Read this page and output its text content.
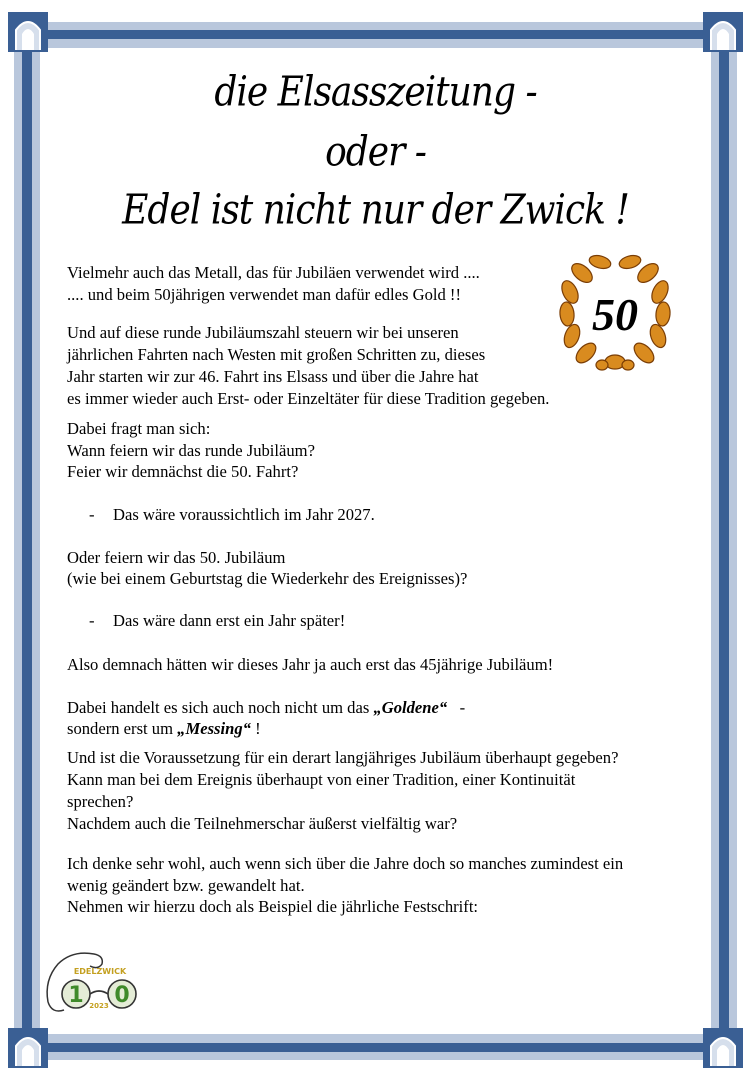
die Elsasszeitung -
oder -
Edel ist nicht nur der Zwick !
50
Vielmehr auch das Metall, das für Jubiläen verwendet wird ....
.... und beim 50jährigen verwendet man dafür edles Gold !!
Und auf diese runde Jubiläumszahl steuern wir bei unseren
jährlichen Fahrten nach Westen mit großen Schritten zu, dieses
Jahr starten wir zur 46. Fahrt ins Elsass und über die Jahre hat
es immer wieder auch Erst- oder Einzeltäter für diese Tradition gegeben.
Dabei fragt man sich:
Wann feiern wir das runde Jubiläum?
Feier wir demnächst die 50. Fahrt?
- Das wäre voraussichtlich im Jahr 2027.
Oder feiern wir das 50. Jubiläum
(wie bei einem Geburtstag die Wiederkehr des Ereignisses)?
- Das wäre dann erst ein Jahr später!
Also demnach hätten wir dieses Jahr ja auch erst das 45jährige Jubiläum!
Dabei handelt es sich auch noch nicht um das „Goldene“   -
sondern erst um „Messing“ !
Und ist die Voraussetzung für ein derart langjähriges Jubiläum überhaupt gegeben?
Kann man bei dem Ereignis überhaupt von einer Tradition, einer Kontinuität
sprechen?
Nachdem auch die Teilnehmerschar äußerst vielfältig war?
Ich denke sehr wohl, auch wenn sich über die Jahre doch so manches zumindest ein
wenig geändert bzw. gewandelt hat.
Nehmen wir hierzu doch als Beispiel die jährliche Festschrift:
EDELZWICK
1 0
2023
